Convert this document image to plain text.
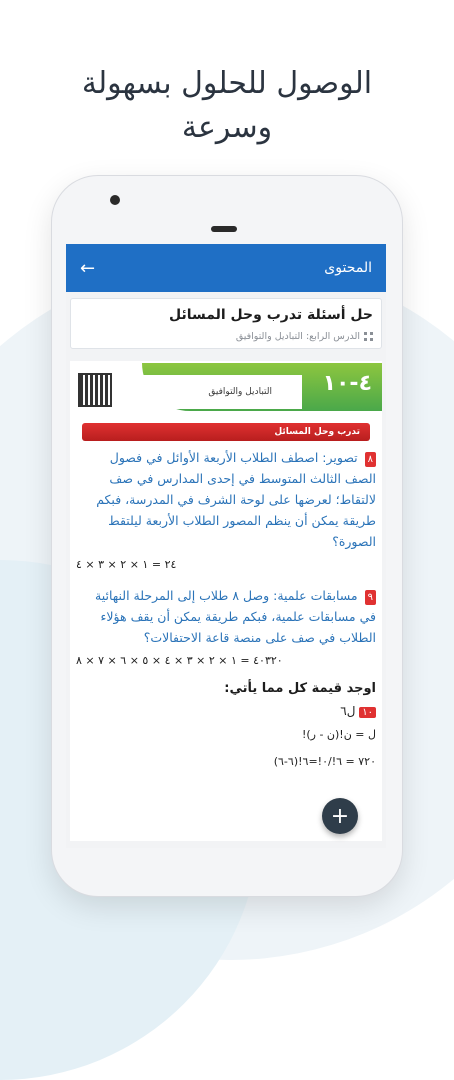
الوصول للحلول بسهولة
وسرعة
المحتوى
←
حل أسئلة تدرب وحل المسائل
الدرس الرابع: التباديل والتوافيق
٤-١٠
التباديل والتوافيق
تدرب وحل المسائل
٨ تصوير: اصطف الطلاب الأربعة الأوائل في فصول الصف الثالث المتوسط في إحدى المدارس في صف لالتقاط؛ لعرضها على لوحة الشرف في المدرسة، فبكم طريقة يمكن أن ينظم المصور الطلاب الأربعة ليلتقط الصورة؟
٢٤ = ١ × ٢ × ٣ × ٤
٩ مسابقات علمية: وصل ٨ طلاب إلى المرحلة النهائية في مسابقات علمية، فبكم طريقة يمكن أن يقف هؤلاء الطلاب في صف على منصة قاعة الاحتفالات؟
٤٠٣٢٠ = ١ × ٢ × ٣ × ٤ × ٥ × ٦ × ٧ × ٨
اوجد قيمة كل مما يأتي:
١٠ ل٦
ل = ن!(ن - ر)!
٧٢٠ = ٦!/٠!=٦!(٦-٦)
+
